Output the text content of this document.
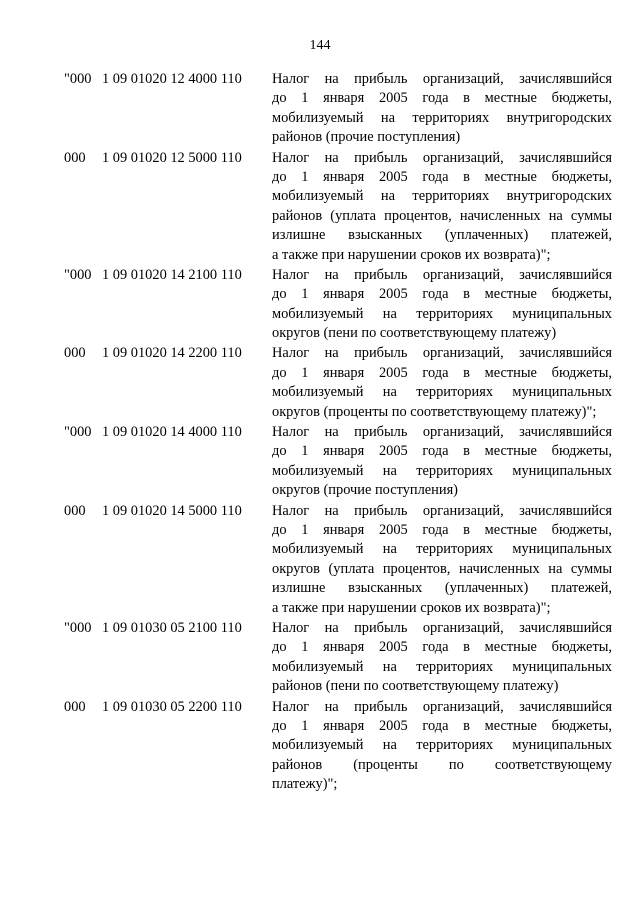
144
"000 1 09 01020 12 4000 110	Налог на прибыль организаций, зачислявшийся
до 1 января 2005 года в местные бюджеты,
мобилизуемый на территориях внутригородских
районов (прочие поступления)
000	1 09 01020 12 5000 110	Налог на прибыль организаций, зачислявшийся
до 1 января 2005 года в местные бюджеты,
мобилизуемый на территориях внутригородских
районов (уплата процентов, начисленных на суммы
излишне взысканных (уплаченных) платежей,
а также при нарушении сроков их возврата)";
"000 1 09 01020 14 2100 110	Налог на прибыль организаций, зачислявшийся
до 1 января 2005 года в местные бюджеты,
мобилизуемый на территориях муниципальных
округов (пени по соответствующему платежу)
000	1 09 01020 14 2200 110	Налог на прибыль организаций, зачислявшийся
до 1 января 2005 года в местные бюджеты,
мобилизуемый на территориях муниципальных
округов (проценты по соответствующему платежу)";
"000 1 09 01020 14 4000 110	Налог на прибыль организаций, зачислявшийся
до 1 января 2005 года в местные бюджеты,
мобилизуемый на территориях муниципальных
округов (прочие поступления)
000	1 09 01020 14 5000 110	Налог на прибыль организаций, зачислявшийся
до 1 января 2005 года в местные бюджеты,
мобилизуемый на территориях муниципальных
округов (уплата процентов, начисленных на суммы
излишне взысканных (уплаченных) платежей,
а также при нарушении сроков их возврата)";
"000 1 09 01030 05 2100 110	Налог на прибыль организаций, зачислявшийся
до 1 января 2005 года в местные бюджеты,
мобилизуемый на территориях муниципальных
районов (пени по соответствующему платежу)
000	1 09 01030 05 2200 110	Налог на прибыль организаций, зачислявшийся
до 1 января 2005 года в местные бюджеты,
мобилизуемый на территориях муниципальных
районов (проценты по соответствующему
платежу)";
